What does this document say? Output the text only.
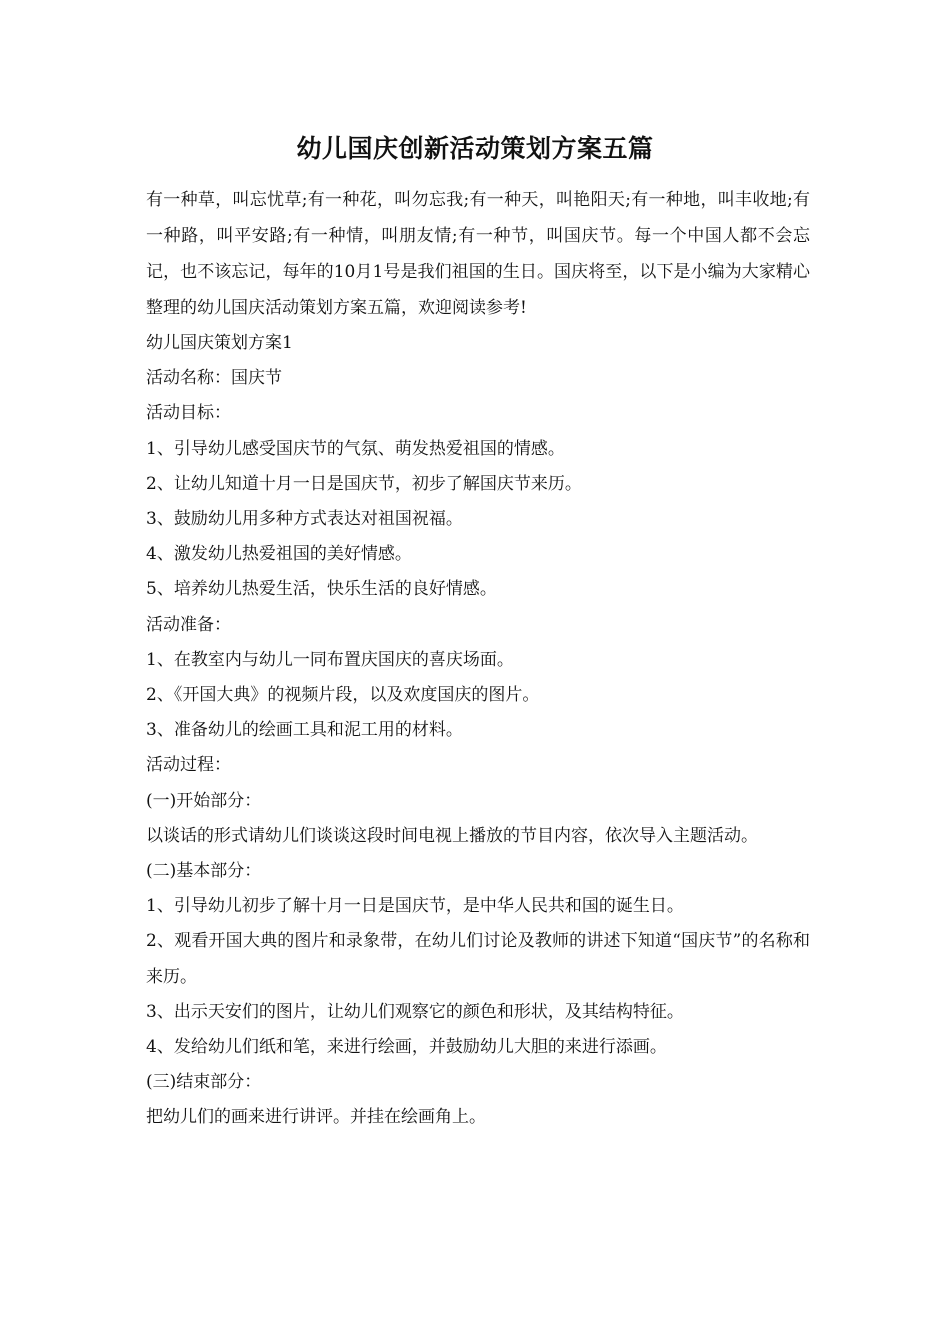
幼儿国庆创新活动策划方案五篇

有一种草，叫忘忧草;有一种花，叫勿忘我;有一种天，叫艳阳天;有一种地，叫丰收地;有一种路，叫平安路;有一种情，叫朋友情;有一种节，叫国庆节。每一个中国人都不会忘记，也不该忘记，每年的10月1号是我们祖国的生日。国庆将至，以下是小编为大家精心整理的幼儿国庆活动策划方案五篇，欢迎阅读参考!

幼儿国庆策划方案1

活动名称：国庆节

活动目标：

1、引导幼儿感受国庆节的气氛、萌发热爱祖国的情感。

2、让幼儿知道十月一日是国庆节，初步了解国庆节来历。

3、鼓励幼儿用多种方式表达对祖国祝福。

4、激发幼儿热爱祖国的美好情感。

5、培养幼儿热爱生活，快乐生活的良好情感。

活动准备：

1、在教室内与幼儿一同布置庆国庆的喜庆场面。

2、《开国大典》的视频片段，以及欢度国庆的图片。

3、准备幼儿的绘画工具和泥工用的材料。

活动过程：

(一)开始部分：

以谈话的形式请幼儿们谈谈这段时间电视上播放的节目内容，依次导入主题活动。

(二)基本部分：

1、引导幼儿初步了解十月一日是国庆节，是中华人民共和国的诞生日。

2、观看开国大典的图片和录象带，在幼儿们讨论及教师的讲述下知道“国庆节”的名称和来历。

3、出示天安们的图片，让幼儿们观察它的颜色和形状，及其结构特征。

4、发给幼儿们纸和笔，来进行绘画，并鼓励幼儿大胆的来进行添画。

(三)结束部分：

把幼儿们的画来进行讲评。并挂在绘画角上。
